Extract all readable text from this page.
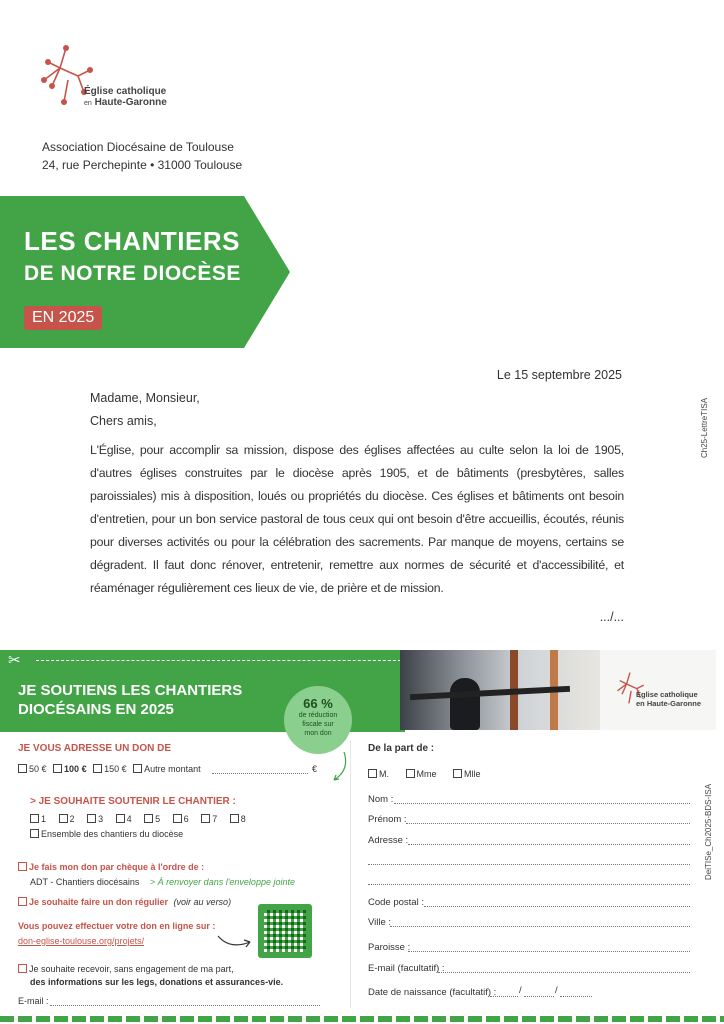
Église catholique
en Haute-Garonne
Association Diocésaine de Toulouse
24, rue Perchepinte • 31000 Toulouse
LES CHANTIERS
DE NOTRE DIOCÈSE
EN 2025
Ch25-LettreTISA
DeiTISe_Ch2025-BDS-ISA
Le 15 septembre 2025
Madame, Monsieur,
Chers amis,
L'Église, pour accomplir sa mission, dispose des églises affectées au culte selon la loi de 1905, d'autres églises construites par le diocèse après 1905, et de bâtiments (presbytères, salles paroissiales) mis à disposition, loués ou propriétés du diocèse. Ces églises et bâtiments ont besoin d'entretien, pour un bon service pastoral de tous ceux qui ont besoin d'être accueillis, écoutés, réunis pour diverses activités ou pour la célébration des sacrements. Par manque de moyens, certains se dégradent. Il faut donc rénover, entretenir, remettre aux normes de sécurité et d'accessibilité, et réaménager régulièrement ces lieux de vie, de prière et de mission.
.../...
✂
JE SOUTIENS LES CHANTIERS
DIOCÉSAINS EN 2025
Église catholique
en Haute-Garonne
66 %
de réduction
fiscale sur
mon don
JE VOUS ADRESSE UN DON DE
50 € 100 € 150 € Autre montant	€
> JE SOUHAITE SOUTENIR LE CHANTIER :
1	2	3	4	5	6	7	8
Ensemble des chantiers du diocèse
Je fais mon don par chèque à l'ordre de :
ADT - Chantiers diocésains > À renvoyer dans l'enveloppe jointe
Je souhaite faire un don régulier (voir au verso)
Vous pouvez effectuer votre don en ligne sur :
don-eglise-toulouse.org/projets/
Je souhaite recevoir, sans engagement de ma part,
des informations sur les legs, donations et assurances-vie.
E-mail :
De la part de :
M.	Mme	Mlle
Nom :
Prénom :
Adresse :
Code postal :
Ville :
Paroisse :
E-mail (facultatif) :
Date de naissance (facultatif) : /	/
